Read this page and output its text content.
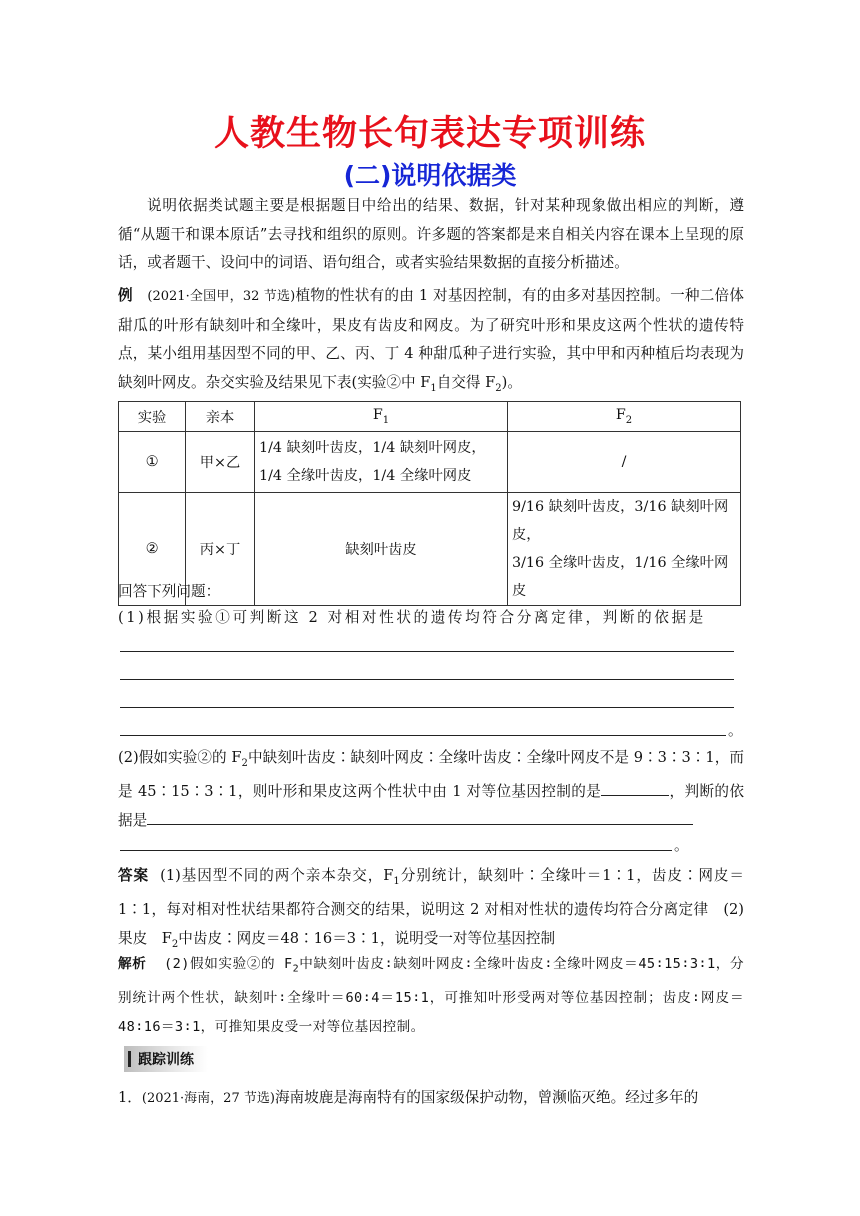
人教生物长句表达专项训练
(二)说明依据类
说明依据类试题主要是根据题目中给出的结果、数据，针对某种现象做出相应的判断，遵循“从题干和课本原话”去寻找和组织的原则。许多题的答案都是来自相关内容在课本上呈现的原话，或者题干、设问中的词语、语句组合，或者实验结果数据的直接分析描述。
例 (2021·全国甲，32 节选)植物的性状有的由 1 对基因控制，有的由多对基因控制。一种二倍体甜瓜的叶形有缺刻叶和全缘叶，果皮有齿皮和网皮。为了研究叶形和果皮这两个性状的遗传特点，某小组用基因型不同的甲、乙、丙、丁 4 种甜瓜种子进行实验，其中甲和丙种植后均表现为缺刻叶网皮。杂交实验及结果见下表(实验②中 $F_1$自交得 $F_2$)。
实验	亲本	$F_1$	$F_2$
①	甲×乙	1/4 缺刻叶齿皮，1/4 缺刻叶网皮，
1/4 全缘叶齿皮，1/4 全缘叶网皮	/
②	丙×丁	缺刻叶齿皮	9/16 缺刻叶齿皮，3/16 缺刻叶网皮，
3/16 全缘叶齿皮，1/16 全缘叶网皮
回答下列问题：
(1)根据实验①可判断这 2 对相对性状的遗传均符合分离定律，判断的依据是
。
(2)假如实验②的 $F_2$中缺刻叶齿皮∶缺刻叶网皮∶全缘叶齿皮∶全缘叶网皮不是 9∶3∶3∶1，而是 45∶15∶3∶1，则叶形和果皮这两个性状中由 1 对等位基因控制的是	，判断的依据是
。
答案 (1)基因型不同的两个亲本杂交，$F_1$分别统计，缺刻叶∶全缘叶＝1∶1，齿皮∶网皮＝1∶1，每对相对性状结果都符合测交的结果，说明这 2 对相对性状的遗传均符合分离定律　(2)果皮　$F_2$中齿皮∶网皮＝48∶16＝3∶1，说明受一对等位基因控制
解析 (2)假如实验②的 $F_2$中缺刻叶齿皮∶缺刻叶网皮∶全缘叶齿皮∶全缘叶网皮＝45∶15∶3∶1，分别统计两个性状，缺刻叶∶全缘叶＝60∶4＝15∶1，可推知叶形受两对等位基因控制；齿皮∶网皮＝48∶16＝3∶1，可推知果皮受一对等位基因控制。
跟踪训练
1．(2021·海南，27 节选)海南坡鹿是海南特有的国家级保护动物，曾濒临灭绝。经过多年的
